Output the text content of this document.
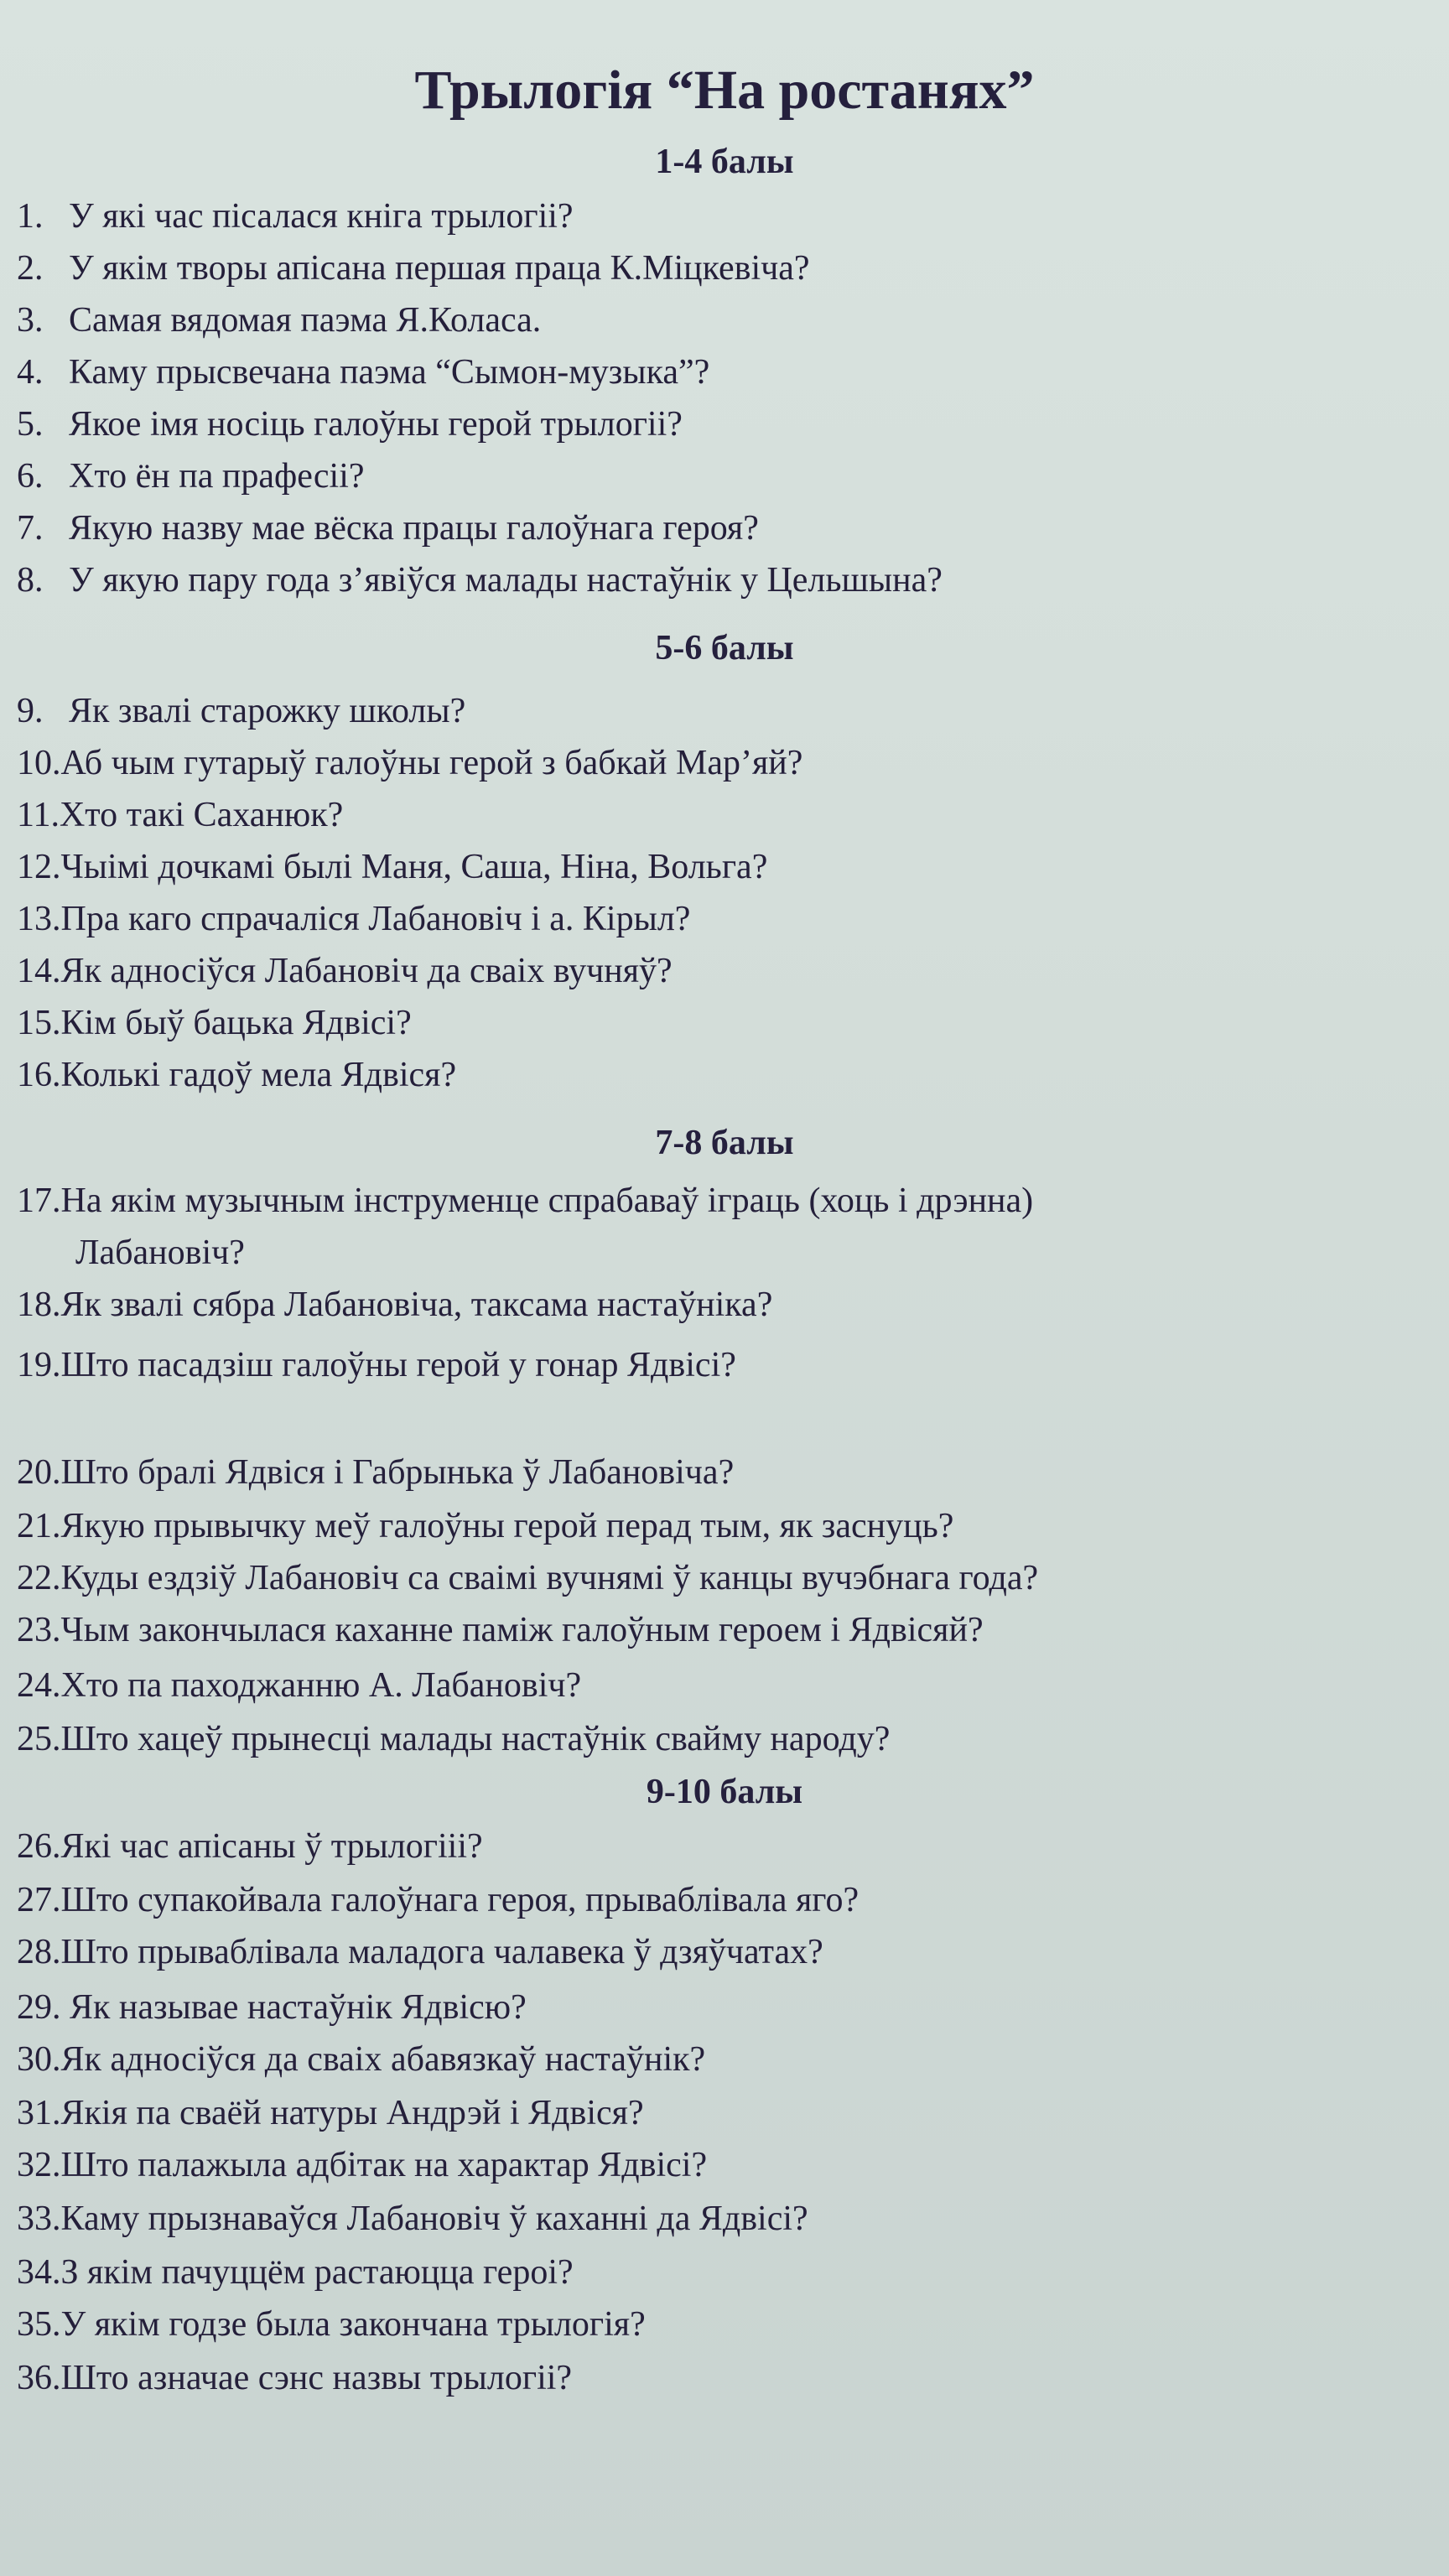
Трылогія “На ростанях”
1-4 балы
1. У які час пісалася кніга трылогіі?
2. У якім творы апісана першая праца К.Міцкевіча?
3. Самая вядомая паэма Я.Коласа.
4. Каму прысвечана паэма “Сымон-музыка”?
5. Якое імя носіць галоўны герой трылогіі?
6. Хто ён па прафесіі?
7. Якую назву мае вёска працы галоўнага героя?
8. У якую пару года з’явіўся малады настаўнік у Цельшына?
5-6 балы
9. Як звалі старожку школы?
10.Аб чым гутарыў галоўны герой з бабкай Мар’яй?
11.Хто такі Саханюк?
12.Чыімі дочкамі былі Маня, Саша, Ніна, Вольга?
13.Пра каго спрачаліся Лабановіч і а. Кірыл?
14.Як адносіўся Лабановіч да сваіх вучняў?
15.Кім быў бацька Ядвісі?
16.Колькі гадоў мела Ядвіся?
7-8 балы
17.На якім музычным інструменце спрабаваў іграць (хоць і дрэнна)
Лабановіч?
18.Як звалі сябра Лабановіча, таксама настаўніка?
19.Што пасадзіш галоўны герой у гонар Ядвісі?
20.Што бралі Ядвіся і Габрынька ў Лабановіча?
21.Якую прывычку меў галоўны герой перад тым, як заснуць?
22.Куды ездзіў Лабановіч са сваімі вучнямі ў канцы вучэбнага года?
23.Чым закончылася каханне паміж галоўным героем і Ядвісяй?
24.Хто па паходжанню А. Лабановіч?
25.Што хацеў прынесці малады настаўнік свайму народу?
9-10 балы
26.Які час апісаны ў трылогііі?
27.Што супакойвала галоўнага героя, прываблівала яго?
28.Што прываблівала маладога чалавека ў дзяўчатах?
29. Як называе настаўнік Ядвісю?
30.Як адносіўся да сваіх абавязкаў настаўнік?
31.Якія па сваёй натуры Андрэй і Ядвіся?
32.Што палажыла адбітак на характар Ядвісі?
33.Каму прызнаваўся Лабановіч ў каханні да Ядвісі?
34.З якім пачуццём растаюцца героі?
35.У якім годзе была закончана трылогія?
36.Што азначае сэнс назвы трылогіі?
